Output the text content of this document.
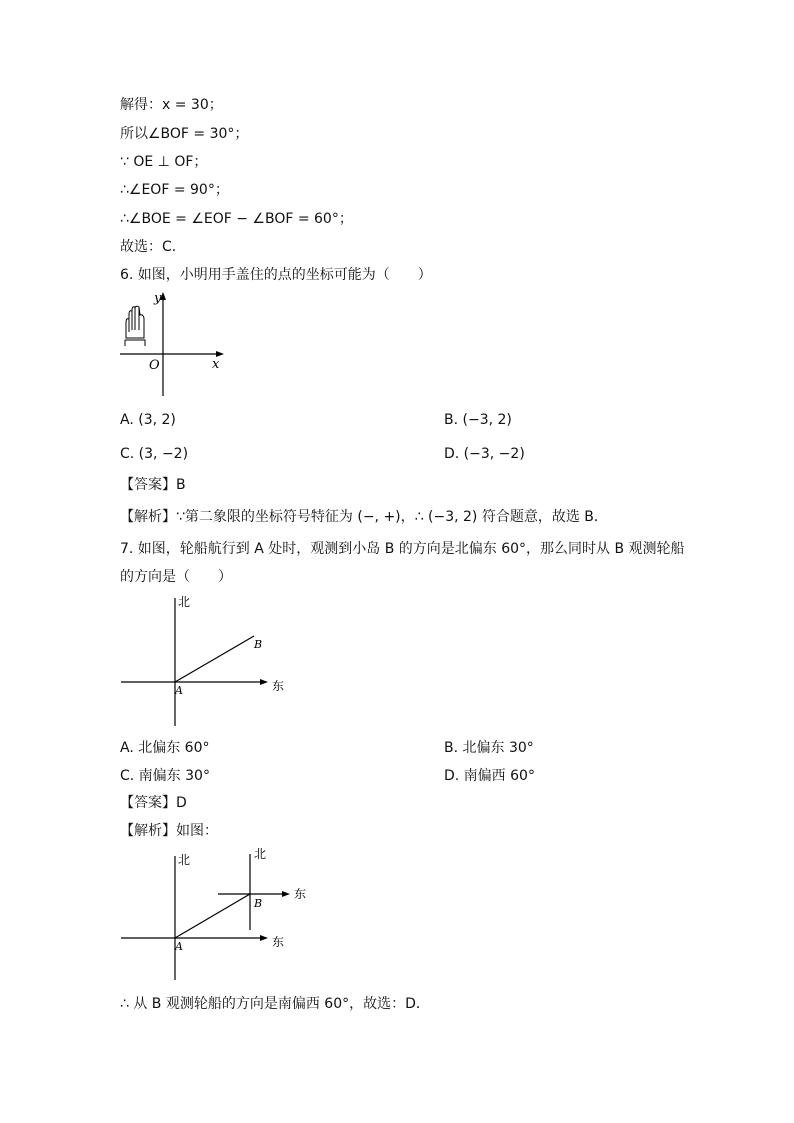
解得：x = 30；
所以∠BOF = 30°；
∵ OE ⊥ OF；
∴∠EOF = 90°；
∴∠BOE = ∠EOF − ∠BOF = 60°；
故选：C．
6. 如图，小明用手盖住的点的坐标可能为（　　）
y
x
O
A. (3, 2)	B. (−3, 2)
C. (3, −2)	D. (−3, −2)
【答案】B
【解析】∵第二象限的坐标符号特征为 (−, +)，∴ (−3, 2) 符合题意，故选 B．
7. 如图，轮船航行到 A 处时，观测到小岛 B 的方向是北偏东 60°，那么同时从 B 观测轮船
的方向是（　　）
北
东
A
B
A. 北偏东 60°	B. 北偏东 30°
C. 南偏东 30°	D. 南偏西 60°
【答案】D
【解析】如图：
北
东
北
东
A
B
∴ 从 B 观测轮船的方向是南偏西 60°，故选：D．
